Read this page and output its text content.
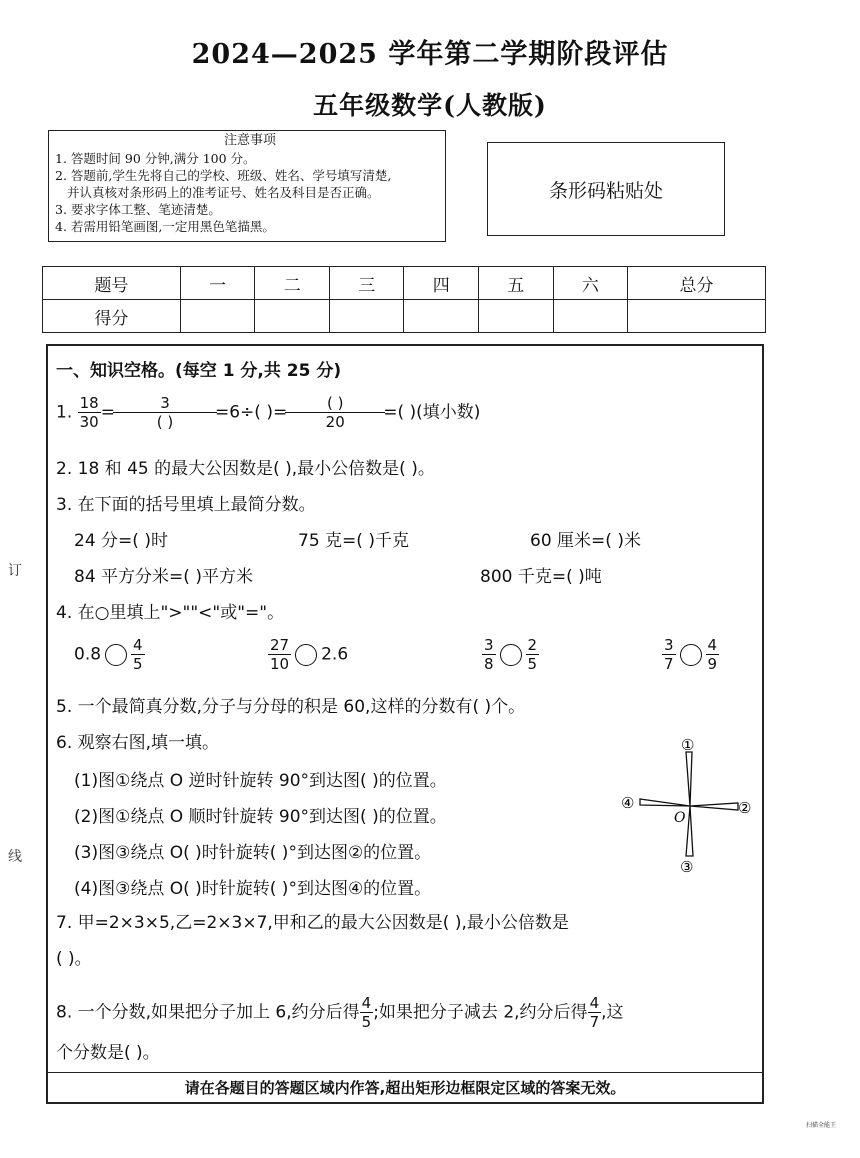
2024—2025 学年第二学期阶段评估
五年级数学(人教版)
注意事项
1. 答题时间 90 分钟,满分 100 分。
2. 答题前,学生先将自己的学校、班级、姓名、学号填写清楚,
并认真核对条形码上的准考证号、姓名及科目是否正确。
3. 要求字体工整、笔迹清楚。
4. 若需用铅笔画图,一定用黑色笔描黑。
条形码粘贴处
题号	一	二	三	四	五	六	总分
得分							
订
线
一、知识空格。(每空 1 分,共 25 分)
1. $\frac{18}{30} = \frac{3}{( )} =6\div$( )= $\frac{( )}{20}$ =( )(填小数)
2. 18 和 45 的最大公因数是( ),最小公倍数是( )。
3. 在下面的括号里填上最简分数。
24 分=( )时	75 克=( )千克	60 厘米=( )米
84 平方分米=( )平方米	800 千克=( )吨
4. 在○里填上">""<"或"="。
$0.8 \frac{4}{5}$	$\frac{27}{10} 2.6$	$\frac{3}{8} \frac{2}{5}$	$\frac{3}{7} \frac{4}{9}$
5. 一个最简真分数,分子与分母的积是 60,这样的分数有( )个。
6. 观察右图,填一填。
(1)图①绕点 O 逆时针旋转 90°到达图( )的位置。
(2)图①绕点 O 顺时针旋转 90°到达图( )的位置。
(3)图③绕点 O( )时针旋转( )°到达图②的位置。
(4)图③绕点 O( )时针旋转( )°到达图④的位置。
①
②
③
④
O
7. 甲=2×3×5,乙=2×3×7,甲和乙的最大公因数是( ),最小公倍数是
( )。
8. 一个分数,如果把分子加上 6,约分后得 $\frac{4}{5}$ ;如果把分子减去 2,约分后得 $\frac{4}{7}$ ,这
个分数是( )。
请在各题目的答题区域内作答,超出矩形边框限定区域的答案无效。
扫描全能王
